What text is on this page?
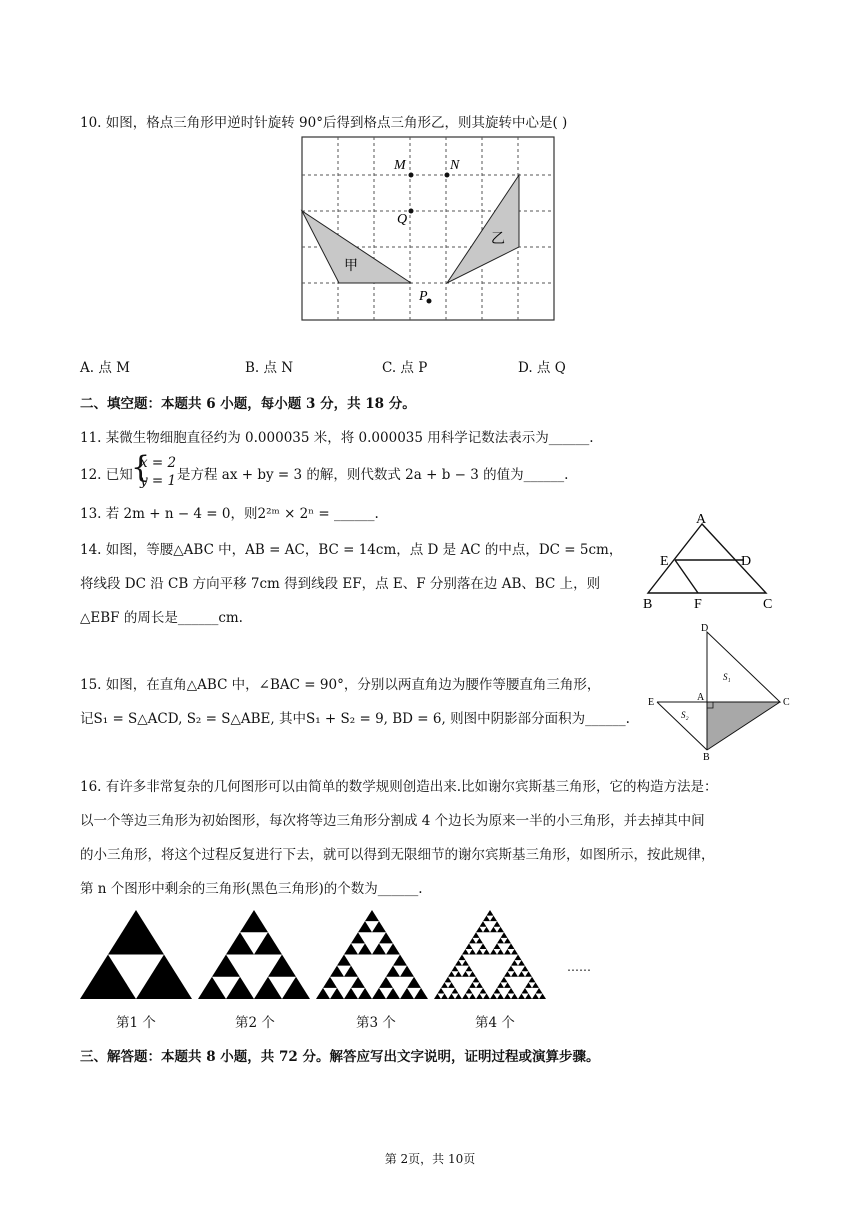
10. 如图，格点三角形甲逆时针旋转 90°后得到格点三角形乙，则其旋转中心是( )
M	N
Q
P
甲
乙
A. 点 M	B. 点 N	C. 点 P	D. 点 Q
二、填空题：本题共 6 小题，每小题 3 分，共 18 分。
11. 某微生物细胞直径约为 0.000035 米，将 0.000035 用科学记数法表示为______.
12. 已知
{
x = 2
y = 1 是方程 ax + by = 3 的解，则代数式 2a + b − 3 的值为______.
13. 若 2m + n − 4 = 0，则2²ᵐ × 2ⁿ = ______.
14. 如图，等腰△ABC 中，AB = AC，BC = 14cm，点 D 是 AC 的中点，DC = 5cm，
将线段 DC 沿 CB 方向平移 7cm 得到线段 EF，点 E、F 分别落在边 AB、BC 上，则
△EBF 的周长是______cm.
A
B	C
D
E
F
15. 如图，在直角△ABC 中，∠BAC = 90°，分别以两直角边为腰作等腰直角三角形，
记S₁ = S△ACD, S₂ = S△ABE, 其中S₁ + S₂ = 9, BD = 6, 则图中阴影部分面积为______.
D
A	C
E
B
S₁
S₂
16. 有许多非常复杂的几何图形可以由简单的数学规则创造出来.比如谢尔宾斯基三角形，它的构造方法是：
以一个等边三角形为初始图形，每次将等边三角形分割成 4 个边长为原来一半的小三角形，并去掉其中间
的小三角形，将这个过程反复进行下去，就可以得到无限细节的谢尔宾斯基三角形，如图所示，按此规律，
第 n 个图形中剩余的三角形(黑色三角形)的个数为______.
……
第1 个	第2 个	第3 个	第4 个
三、解答题：本题共 8 小题，共 72 分。解答应写出文字说明，证明过程或演算步骤。
第 2页，共 10页
